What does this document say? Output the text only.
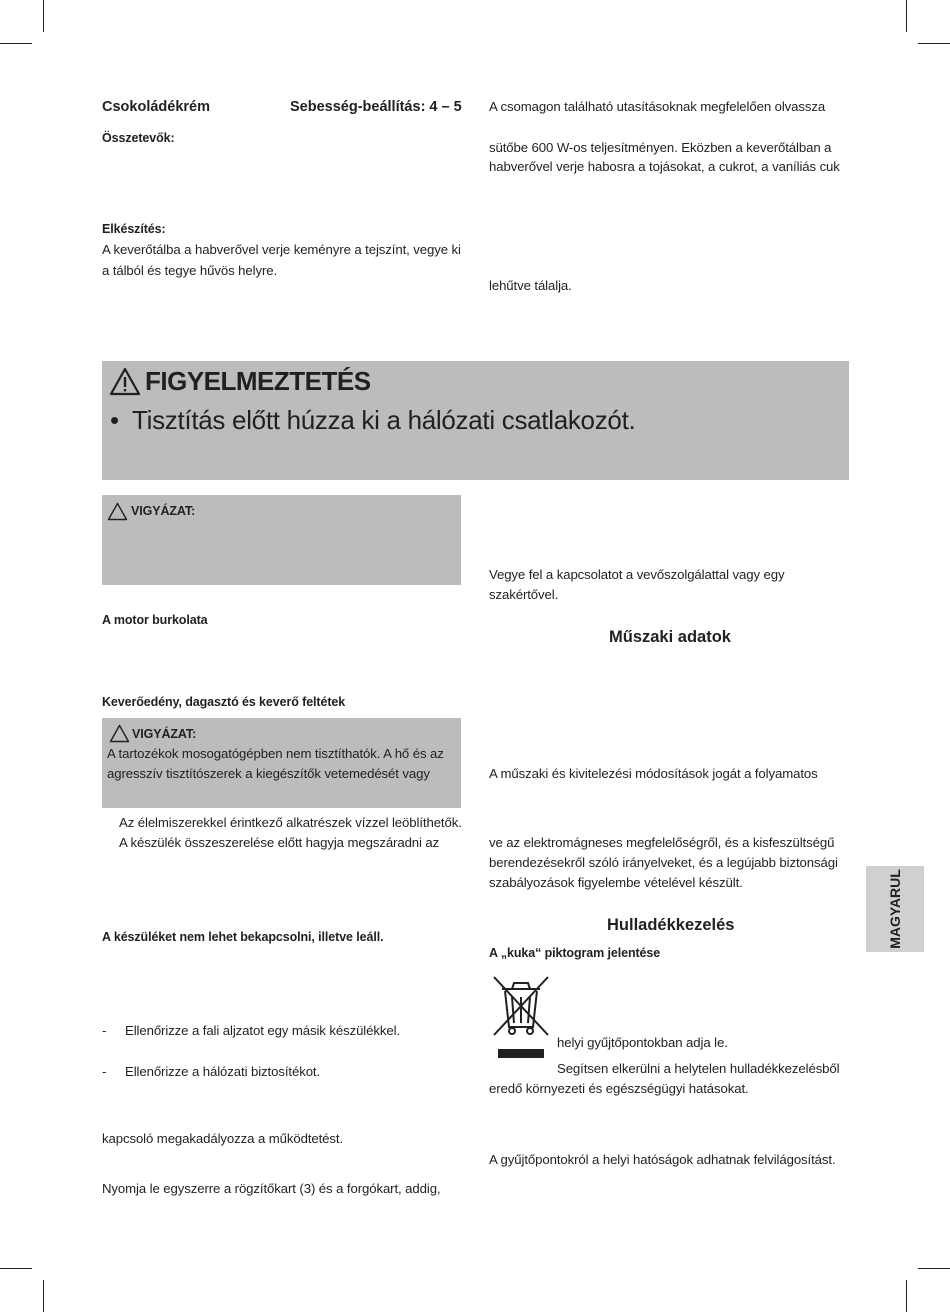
Csokoládékrém	Sebesség-beállítás: 4 – 5
Összetevők:
Elkészítés:
A keverőtálba a habverővel verje keményre a tejszínt, vegye ki
a tálból és tegye hűvös helyre.
A csomagon található utasításoknak megfelelően olvassza
sütőbe 600 W-os teljesítményen. Eközben a keverőtálban a
habverővel verje habosra a tojásokat, a cukrot, a vaníliás cuk
lehűtve tálalja.
FIGYELMEZTETÉS
• Tisztítás előtt húzza ki a hálózati csatlakozót.
VIGYÁZAT:
A motor burkolata
Keverőedény, dagasztó és keverő feltétek
VIGYÁZAT:
A tartozékok mosogatógépben nem tisztíthatók. A hő és az
agresszív tisztítószerek a kiegészítők vetemedését vagy
Az élelmiszerekkel érintkező alkatrészek vízzel leöblíthetők.
A készülék összeszerelése előtt hagyja megszáradni az
A készüléket nem lehet bekapcsolni, illetve leáll.
- Ellenőrizze a fali aljzatot egy másik készülékkel.
- Ellenőrizze a hálózati biztosítékot.
kapcsoló megakadályozza a működtetést.
Nyomja le egyszerre a rögzítőkart (3) és a forgókart, addig,
Vegye fel a kapcsolatot a vevőszolgálattal vagy egy
szakértővel.
Műszaki adatok
A műszaki és kivitelezési módosítások jogát a folyamatos
ve az elektromágneses megfelelőségről, és a kisfeszültségű
berendezésekről szóló irányelveket, és a legújabb biztonsági
szabályozások figyelembe vételével készült.
Hulladékkezelés
A „kuka“ piktogram jelentése
helyi gyűjtőpontokban adja le.
Segítsen elkerülni a helytelen hulladékkezelésből
eredő környezeti és egészségügyi hatásokat.
A gyűjtőpontokról a helyi hatóságok adhatnak felvilágosítást.
MAGYARUL
